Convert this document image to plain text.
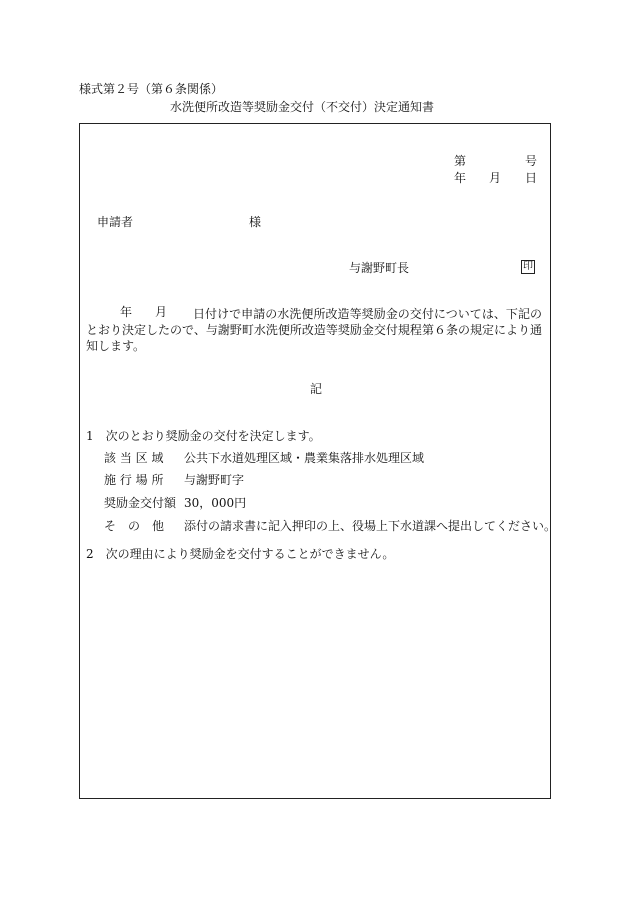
様式第２号（第６条関係）
水洗便所改造等奨励金交付（不交付）決定通知書
第	号
年 月 日
申請者	様
与謝野町長	印
年 月	日付けで申請の水洗便所改造等奨励金の交付については、下記のとおり決定したので、与謝野町水洗便所改造等奨励金交付規程第６条の規定により通知します。
記
1　次のとおり奨励金の交付を決定します。
該 当 区 域 公共下水道処理区域・農業集落排水処理区域
施 行 場 所 与謝野町字
奨励金交付額 30，000円
そ　の　他 添付の請求書に記入押印の上、役場上下水道課へ提出してください。
2　次の理由により奨励金を交付することができません。
